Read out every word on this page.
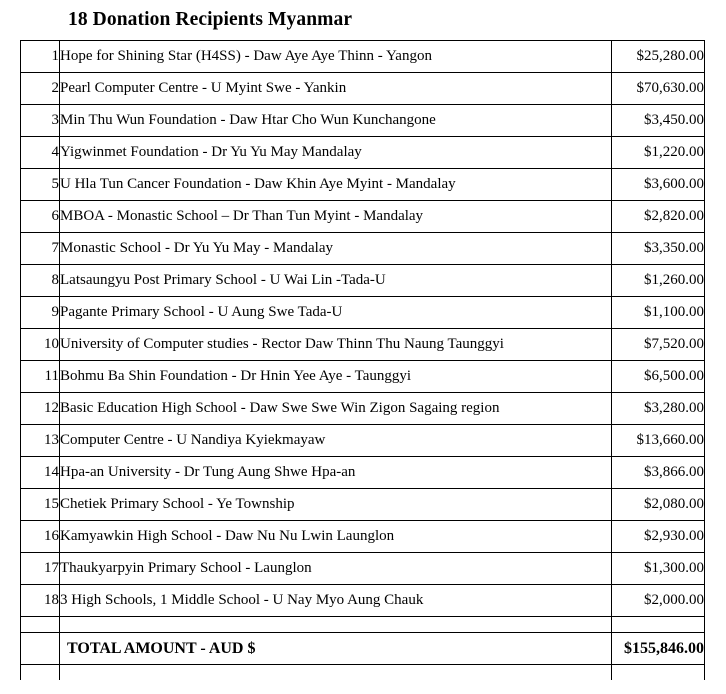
18 Donation Recipients Myanmar
1	Hope for Shining Star (H4SS) - Daw Aye Aye Thinn - Yangon	$25,280.00
2	Pearl Computer Centre - U Myint Swe - Yankin	$70,630.00
3	Min Thu Wun Foundation - Daw Htar Cho Wun Kunchangone	$3,450.00
4	Yigwinmet Foundation - Dr Yu Yu May Mandalay	$1,220.00
5	U Hla Tun Cancer Foundation - Daw Khin Aye Myint - Mandalay	$3,600.00
6	MBOA - Monastic School – Dr Than Tun Myint - Mandalay	$2,820.00
7	Monastic School - Dr Yu Yu May - Mandalay	$3,350.00
8	Latsaungyu Post Primary School - U Wai Lin -Tada-U	$1,260.00
9	Pagante Primary School - U Aung Swe Tada-U	$1,100.00
10	University of Computer studies - Rector Daw Thinn Thu Naung Taunggyi	$7,520.00
11	Bohmu Ba Shin Foundation - Dr Hnin Yee Aye - Taunggyi	$6,500.00
12	Basic Education High School - Daw Swe Swe Win Zigon Sagaing region	$3,280.00
13	Computer Centre - U Nandiya Kyiekmayaw	$13,660.00
14	Hpa-an University - Dr Tung Aung Shwe Hpa-an	$3,866.00
15	Chetiek Primary School - Ye Township	$2,080.00
16	Kamyawkin High School - Daw Nu Nu Lwin Launglon	$2,930.00
17	Thaukyarpyin Primary School - Launglon	$1,300.00
18	3 High Schools, 1 Middle School - U Nay Myo Aung Chauk	$2,000.00

	TOTAL AMOUNT - AUD $	$155,846.00
